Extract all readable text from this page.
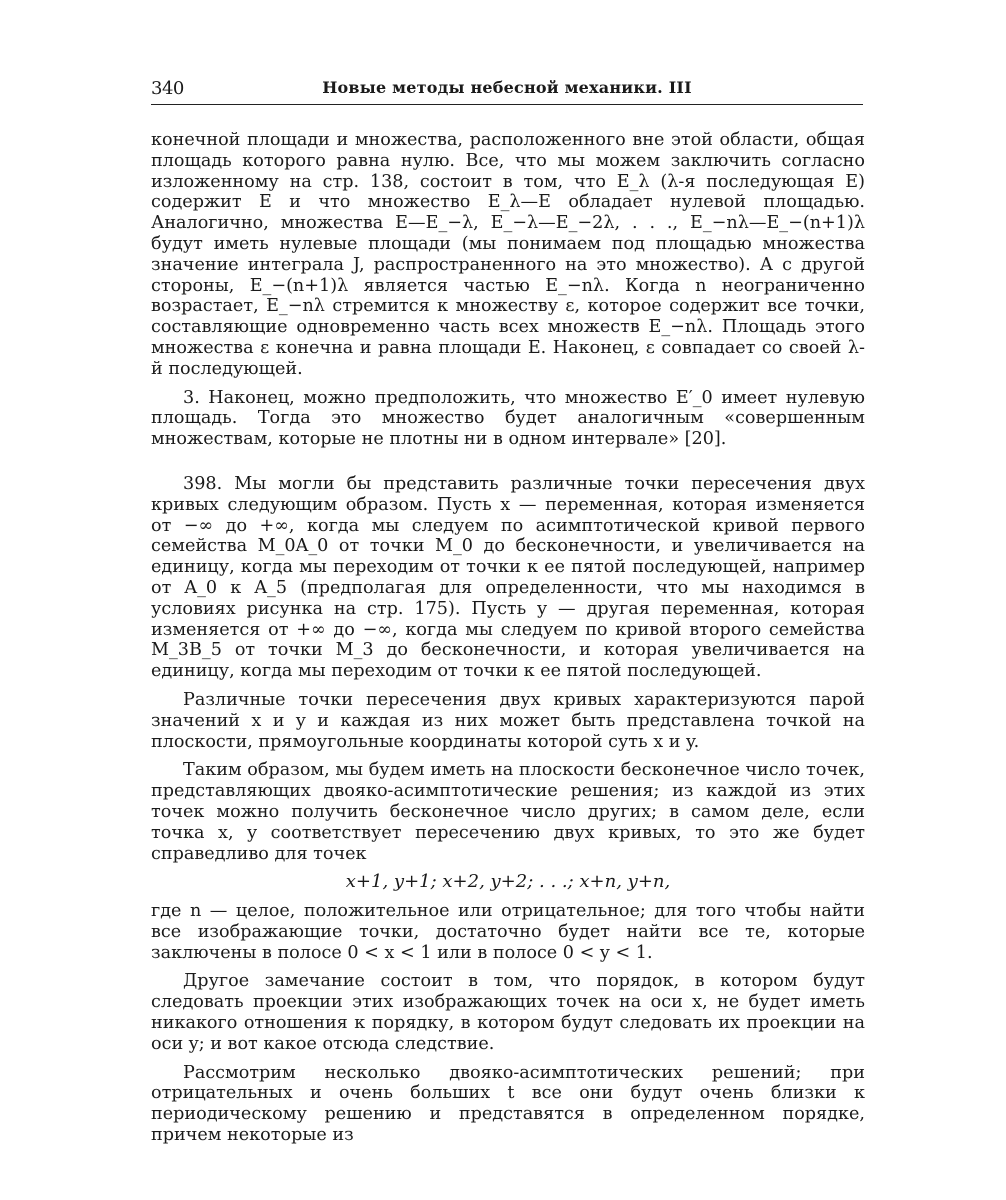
340	Новые методы небесной механики. III

конечной площади и множества, расположенного вне этой области, общая площадь которого равна нулю. Все, что мы можем заключить согласно изложенному на стр. 138, состоит в том, что E_λ (λ-я последующая E) содержит E и что множество E_λ—E обладает нулевой площадью. Аналогично, множества E—E_−λ, E_−λ—E_−2λ, . . ., E_−nλ—E_−(n+1)λ будут иметь нулевые площади (мы понимаем под площадью множества значение интеграла J, распространенного на это множество). А с другой стороны, E_−(n+1)λ является частью E_−nλ. Когда n неограниченно возрастает, E_−nλ стремится к множеству ε, которое содержит все точки, составляющие одновременно часть всех множеств E_−nλ. Площадь этого множества ε конечна и равна площади E. Наконец, ε совпадает со своей λ-й последующей.

3. Наконец, можно предположить, что множество E′_0 имеет нулевую площадь. Тогда это множество будет аналогичным «совершенным множествам, которые не плотны ни в одном интервале» [20].

398. Мы могли бы представить различные точки пересечения двух кривых следующим образом. Пусть x — переменная, которая изменяется от −∞ до +∞, когда мы следуем по асимптотической кривой первого семейства M_0A_0 от точки M_0 до бесконечности, и увеличивается на единицу, когда мы переходим от точки к ее пятой последующей, например от A_0 к A_5 (предполагая для определенности, что мы находимся в условиях рисунка на стр. 175). Пусть y — другая переменная, которая изменяется от +∞ до −∞, когда мы следуем по кривой второго семейства M_3B_5 от точки M_3 до бесконечности, и которая увеличивается на единицу, когда мы переходим от точки к ее пятой последующей.

Различные точки пересечения двух кривых характеризуются парой значений x и y и каждая из них может быть представлена точкой на плоскости, прямоугольные координаты которой суть x и y.

Таким образом, мы будем иметь на плоскости бесконечное число точек, представляющих двояко-асимптотические решения; из каждой из этих точек можно получить бесконечное число других; в самом деле, если точка x, y соответствует пересечению двух кривых, то это же будет справедливо для точек

x+1, y+1; x+2, y+2; . . .; x+n, y+n,

где n — целое, положительное или отрицательное; для того чтобы найти все изображающие точки, достаточно будет найти все те, которые заключены в полосе 0 < x < 1 или в полосе 0 < y < 1.

Другое замечание состоит в том, что порядок, в котором будут следовать проекции этих изображающих точек на оси x, не будет иметь никакого отношения к порядку, в котором будут следовать их проекции на оси y; и вот какое отсюда следствие.

Рассмотрим несколько двояко-асимптотических решений; при отрицательных и очень больших t все они будут очень близки к периодическому решению и представятся в определенном порядке, причем некоторые из
